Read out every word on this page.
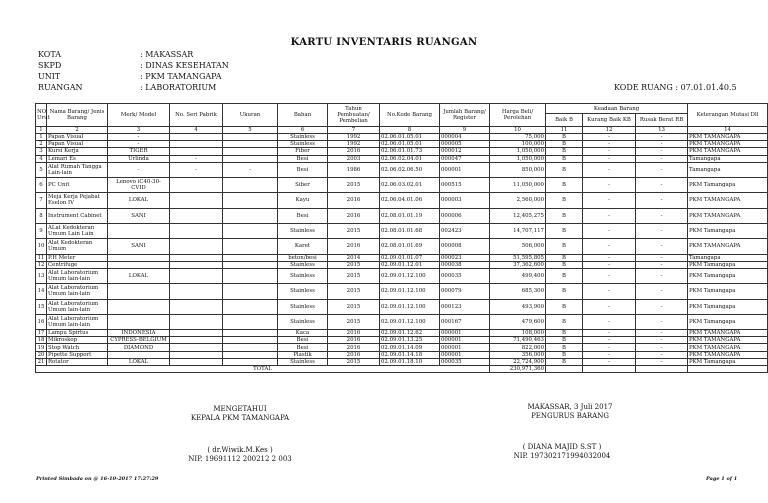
KARTU INVENTARIS RUANGAN
KOTA	: MAKASSAR
SKPD	: DINAS KESEHATAN
UNIT	: PKM TAMANGAPA
RUANGAN	: LABORATORIUM	KODE RUANG : 07.01.01.40.5
NO Urut	Nama Barang/ Jenis Barang	Merk/ Model	No. Seri Pabrik	Ukuran	Bahan	Tahun Pembuatan/ Pembelian	No.Kode Barang	Jumlah Barang/ Register	Harga Beli/ Perolehan	Keadaan Barang			Keterangan Mutasi Dll
										Baik B	Kurang Baik KB	Rusak Berat RB	
1	2	3	4	5	6	7	8	9	10	11	12	13	14
1	Papan Visual	-			Stainless	1992	02.06.01.05.01	000004	75,000	B	-	-	PKM TAMANGAPA
2	Papan Visual	-			Stainless	1992	02.06.01.05.01	000005	100,000	B	-	-	PKM TAMANGAPA
3	Kursi Kerja	TIGER			Fiber	2016	02.06.01.01.73	000012	1,050,000	B	-	-	PKM TAMANGAPA
4	Lemari Es	Urlinda	-		Besi	2003	02.06.02.04.01	000047	1,050,000	B	-	-	Tamangapa
5	Alat Rumah Tangga Lain-lain	-	-	-	Besi	1986	02.06.02.06.50	000001	850,000	B	-	-	Tamangapa
6	PC Unit	Lenovo iC40-30-CVID			Siber	2015	02.06.03.02.01	000515	11,050,000	B	-	-	PKM Tamangapa
7	Meja Kerja Pejabat Eselon IV	LOKAL			Kayu	2016	02.06.04.01.06	000003	2,560,000	B	-	-	PKM TAMANGAPA
8	Instrument Cabinet	SANI			Besi	2016	02.08.01.01.19	000006	12,405,275	B	-	-	PKM TAMANGAPA
9	ALat Kedokteran Umum Lain Lain				Stainless	2015	02.08.01.01.68	002423	14,707,117	B	-	-	PKM Tamangapa
10	Alat Kedokteran Umum	SANI			Karet	2016	02.08.01.01.69	000008	506,000	B	-	-	PKM TAMANGAPA
11	P.H Meter				beton/besi	2014	02.09.01.01.07	000023	51,595,805	B	-	-	Tamangapa
12	Centrifuge				Stainless	2015	02.09.01.12.01	000038	37,362,600	B	-	-	PKM Tamangapa
13	Alat Laboratorium Umum lain-lain	LOKAL			Stainless	2015	02.09.01.12.100	000035	499,400	B	-	-	PKM Tamangapa
14	Alat Laboratorium Umum lain-lain				Stainless	2015	02.09.01.12.100	000079	685,300	B	-	-	PKM Tamangapa
15	Alat Laboratorium Umum lain-lain				Stainless	2015	02.09.01.12.100	000123	493,900	B	-	-	PKM Tamangapa
16	Alat Laboratorium Umum lain-lain				Stainless	2015	02.09.01.12.100	000167	479,600	B	-	-	PKM Tamangapa
17	Lampu Spirtus	INDONESIA			Kaca	2016	02.09.01.12.62	000001	108,000	B	-	-	PKM TAMANGAPA
18	Mikroskop	CYPRESS-BELGIUM			Besi	2016	02.09.01.13.25	000001	71,490,463	B	-	-	PKM TAMANGAPA
19	Stop Watch	DIAMOND			Besi	2016	02.09.01.14.09	000001	822,000	B	-	-	PKM TAMANGAPA
20	Pipette Support				Plastik	2016	02.09.01.14.18	000001	356,000	B	-	-	PKM TAMANGAPA
21	Rotator	LOKAL			Stainless	2015	02.09.01.18.10	000035	22,724,900	B	-	-	PKM Tamangapa
TOTAL									230,971,360				
MENGETAHUI
KEPALA PKM TAMANGAPA
( dr.Wiwik.M.Kes )
NIP. 19691112 200212 2 003
MAKASSAR, 3 Juli 2017
PENGURUS BARANG
( DIANA MAJID S.ST )
NIP. 197302171994032004
Printed Simbada on @ 16-10-2017 17:27:29	Page 1 of 1
